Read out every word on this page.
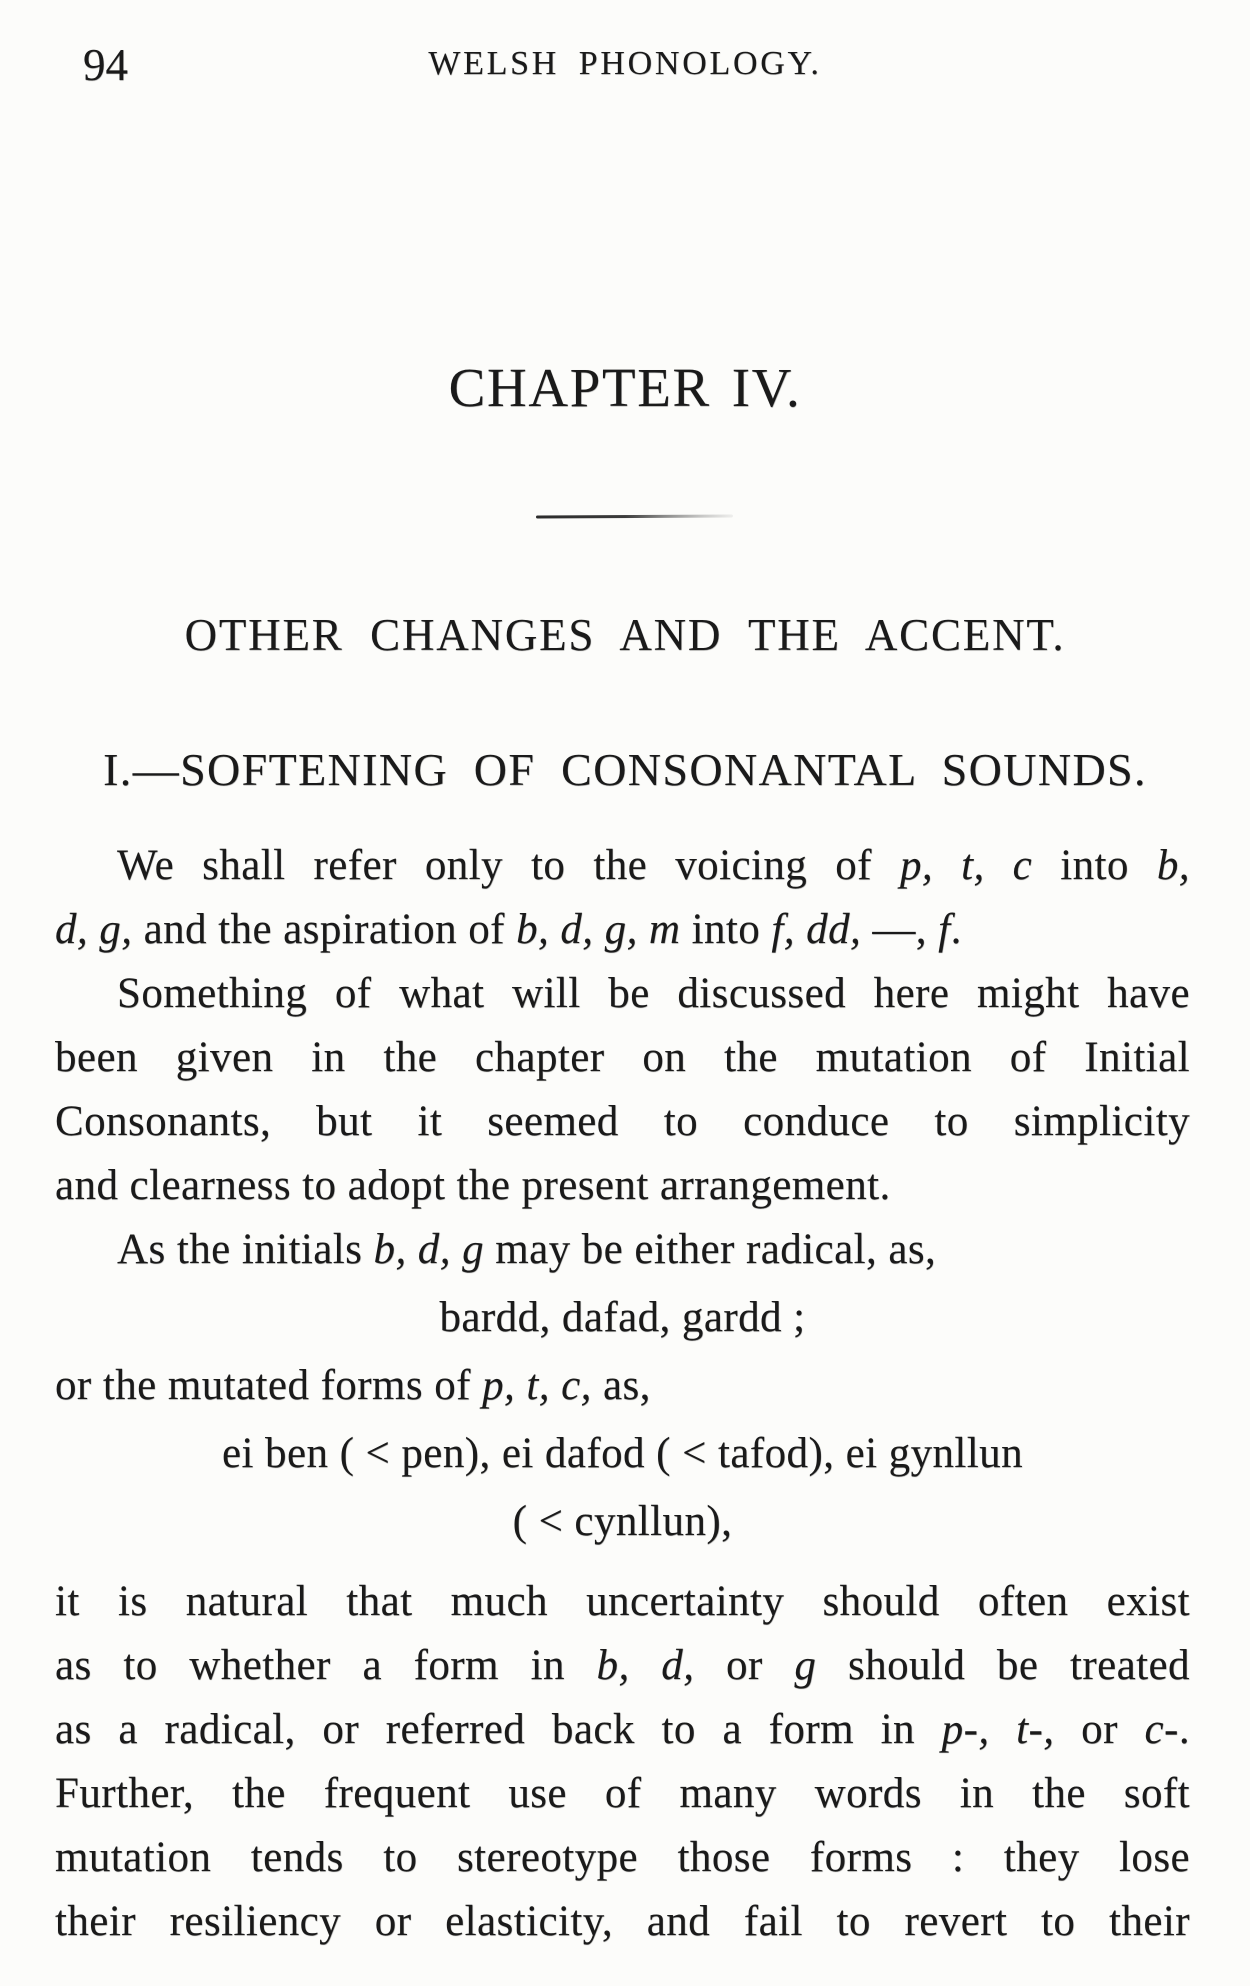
94	WELSH PHONOLOGY.
CHAPTER IV.
OTHER CHANGES AND THE ACCENT.
I.—SOFTENING OF CONSONANTAL SOUNDS.
We shall refer only to the voicing of p, t, c into b,
d, g, and the aspiration of b, d, g, m into f, dd, —, f.
Something of what will be discussed here might have
been given in the chapter on the mutation of Initial
Consonants, but it seemed to conduce to simplicity
and clearness to adopt the present arrangement.
As the initials b, d, g may be either radical, as,
bardd, dafad, gardd ;
or the mutated forms of p, t, c, as,
ei ben ( < pen), ei dafod ( < tafod), ei gynllun
( < cynllun),
it is natural that much uncertainty should often exist
as to whether a form in b, d, or g should be treated
as a radical, or referred back to a form in p-, t-, or c-.
Further, the frequent use of many words in the soft
mutation tends to stereotype those forms : they lose
their resiliency or elasticity, and fail to revert to their
